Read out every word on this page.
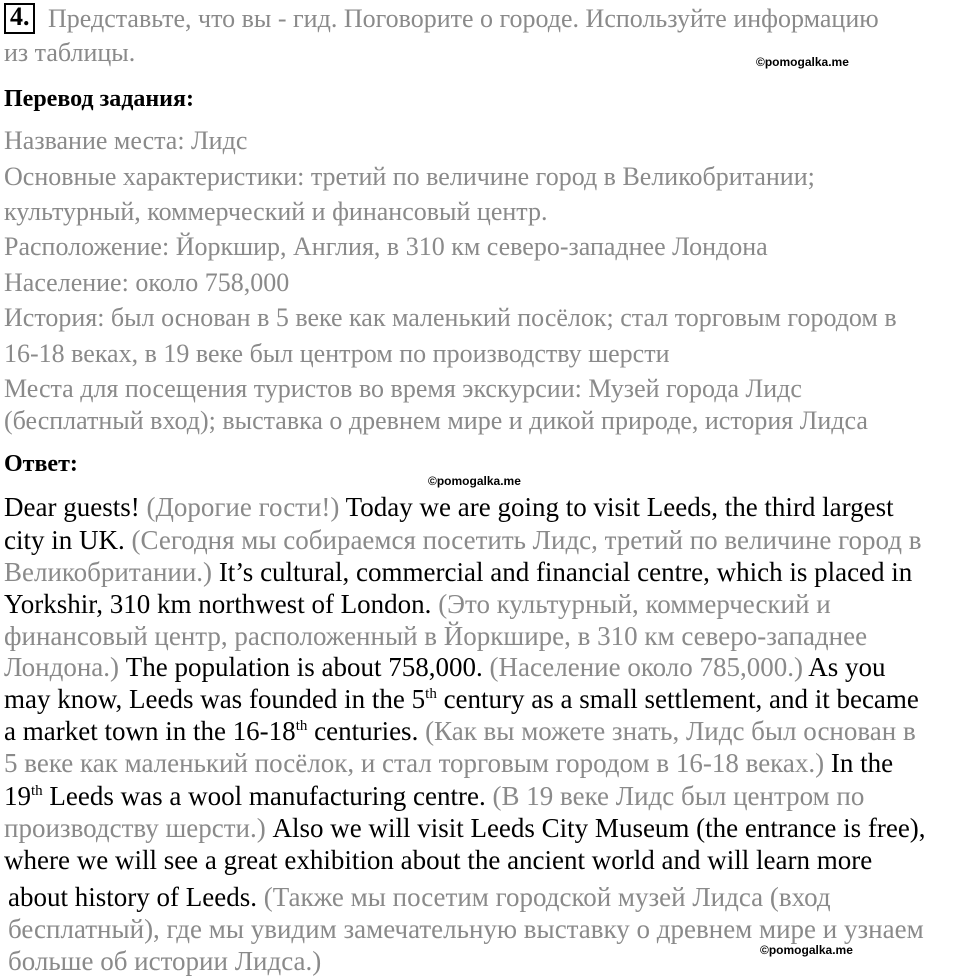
4. Представьте, что вы - гид. Поговорите о городе. Используйте информацию
из таблицы.	©pomogalka.me
Перевод задания:
Название места: Лидс
Основные характеристики: третий по величине город в Великобритании;
культурный, коммерческий и финансовый центр.
Расположение: Йоркшир, Англия, в 310 км северо-западнее Лондона
Население: около 758,000
История: был основан в 5 веке как маленький посёлок; стал торговым городом в
16-18 веках, в 19 веке был центром по производству шерсти
Места для посещения туристов во время экскурсии: Музей города Лидс
(бесплатный вход); выставка о древнем мире и дикой природе, история Лидса
Ответ:
©pomogalka.me
Dear guests! (Дорогие гости!) Today we are going to visit Leeds, the third largest
city in UK. (Сегодня мы собираемся посетить Лидс, третий по величине город в
Великобритании.) It’s cultural, commercial and financial centre, which is placed in
Yorkshir, 310 km northwest of London. (Это культурный, коммерческий и
финансовый центр, расположенный в Йоркшире, в 310 км северо-западнее
Лондона.) The population is about 758,000. (Население около 785,000.) As you
may know, Leeds was founded in the 5th century as a small settlement, and it became
a market town in the 16-18th centuries. (Как вы можете знать, Лидс был основан в
5 веке как маленький посёлок, и стал торговым городом в 16-18 веках.) In the
19th Leeds was a wool manufacturing centre. (В 19 веке Лидс был центром по
производству шерсти.) Also we will visit Leeds City Museum (the entrance is free),
where we will see a great exhibition about the ancient world and will learn more
about history of Leeds. (Также мы посетим городской музей Лидса (вход
бесплатный), где мы увидим замечательную выставку о древнем мире и узнаем
©pomogalka.me
больше об истории Лидса.)
